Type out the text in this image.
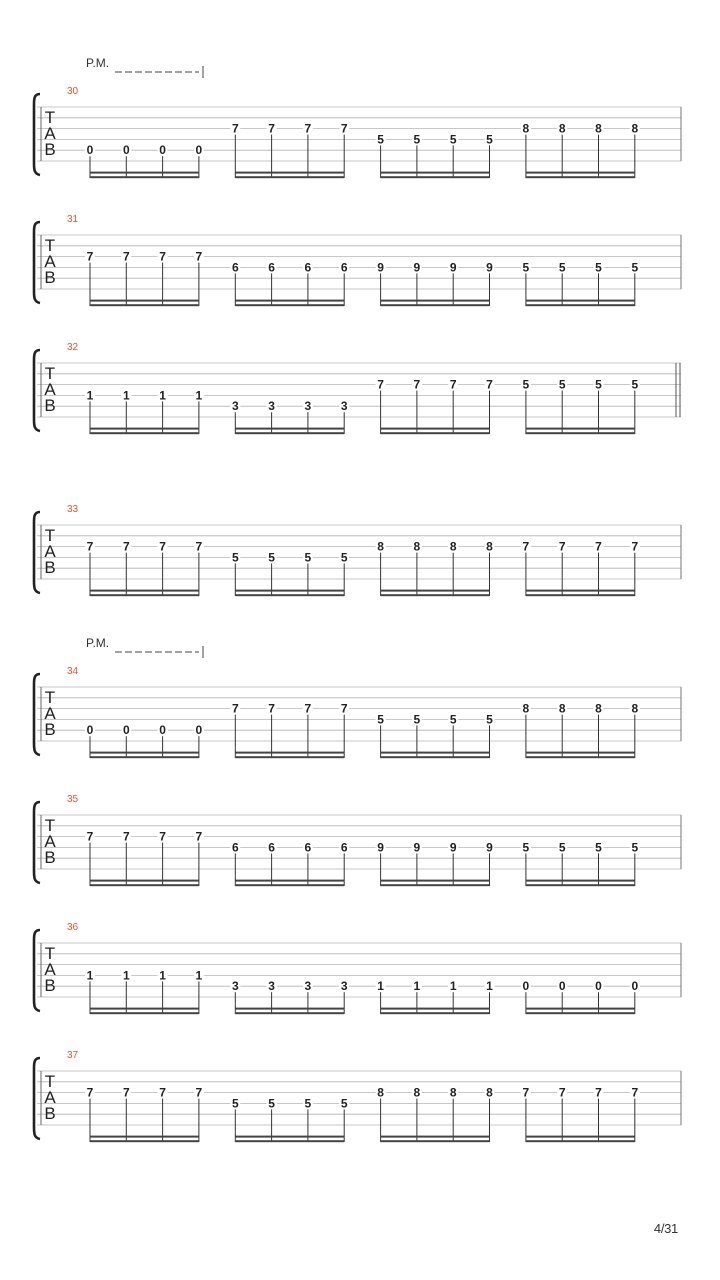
P.M.
30
T
A
B	0 0 0 0
7 7 7 7
5 5 5 5
8 8 8 8
31
T
A
B
7 7 7 7
6 6 6 6 9 9 9 9 5 5 5 5
32
T
A
B
1 1 1 1
3 3 3 3
7 7 7 7 5 5 5 5
33
T
A
B
7 7 7 7
5 5 5 5
8 8 8 8 7 7 7 7
P.M.
34
T
A
B	0 0 0 0
7 7 7 7
5 5 5 5
8 8 8 8
35
T
A
B
7 7 7 7
6 6 6 6 9 9 9 9 5 5 5 5
36
T
A
B
1 1 1 1
3 3 3 3 1 1 1 1 0 0 0 0
37
T
A
B
7 7 7 7
5 5 5 5
8 8 8 8 7 7 7 7
4/31
